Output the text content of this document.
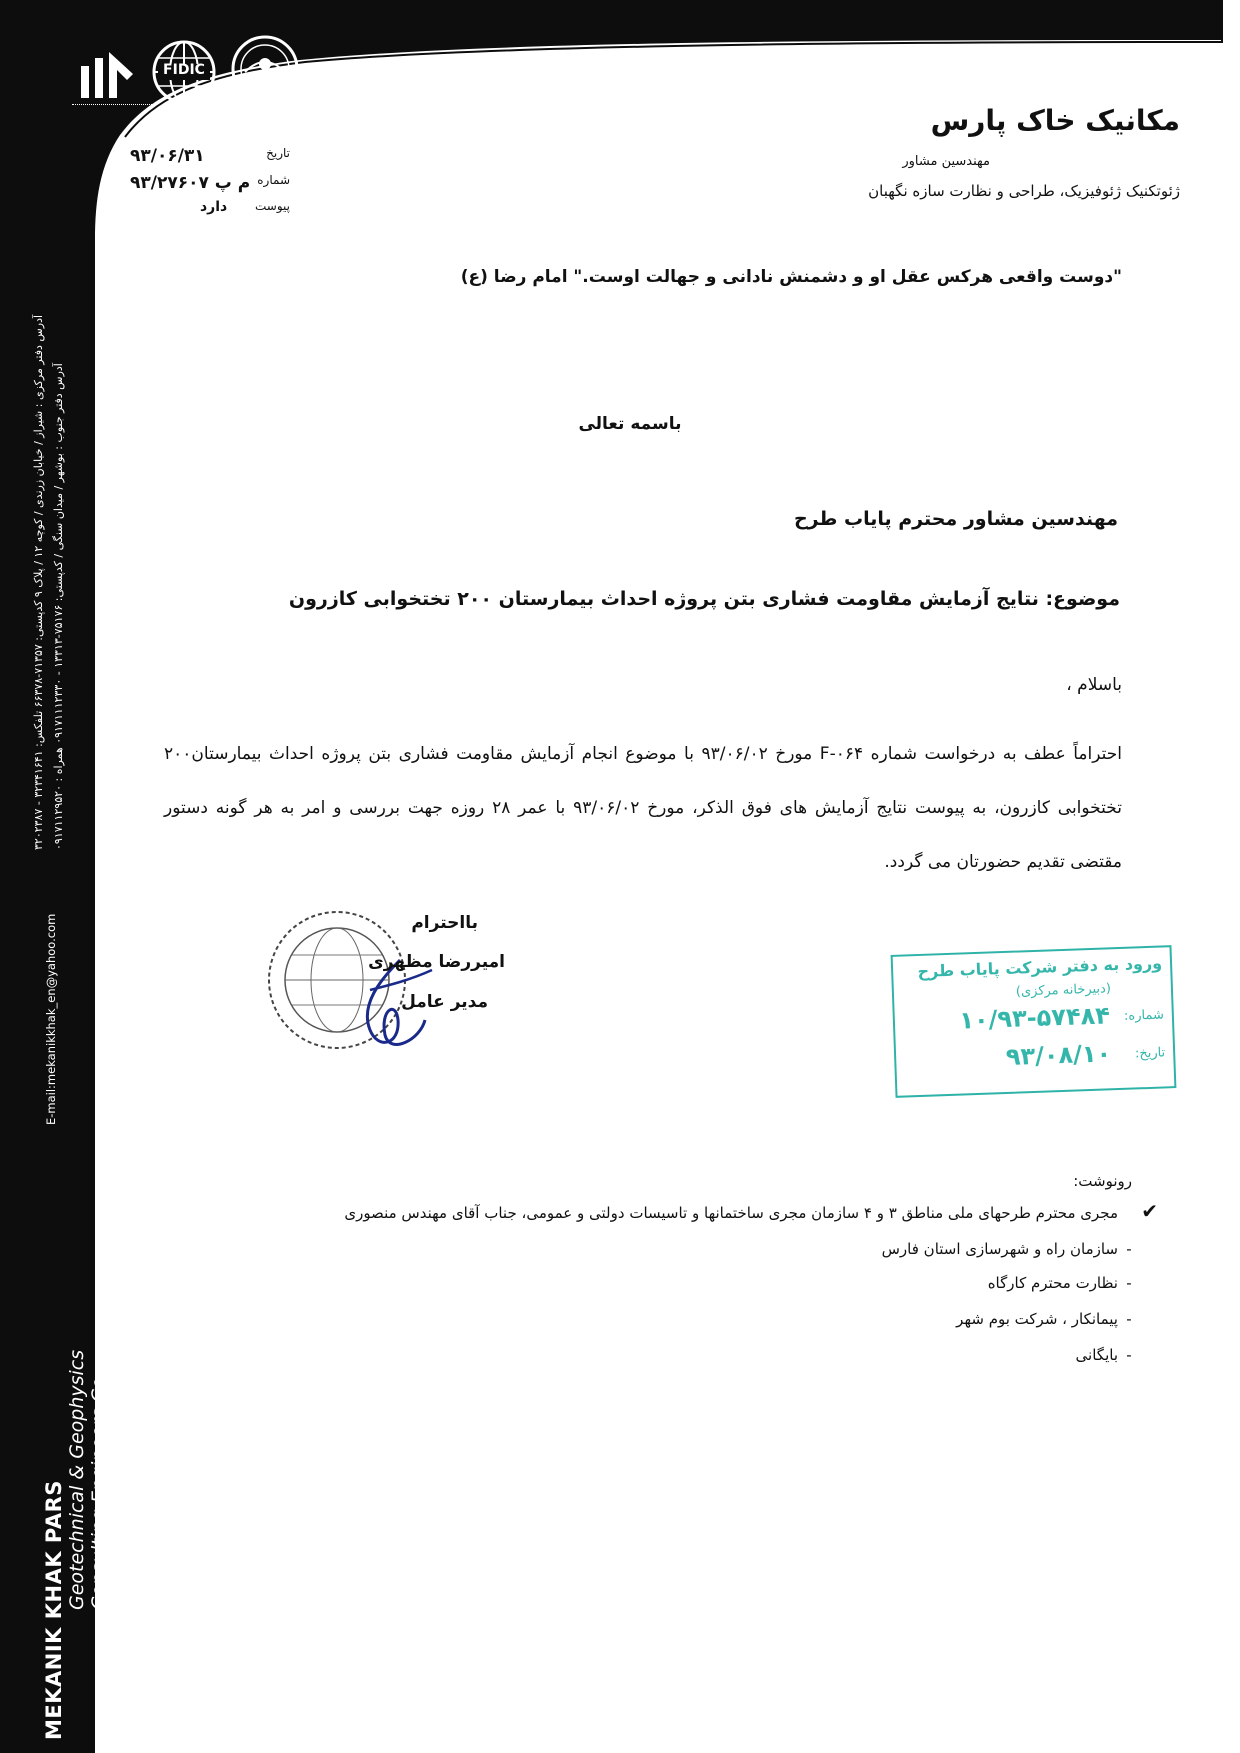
FIDIC
MEKANIK KHAK PARS
Geotechnical & Geophysics Consulting Engineers Co.
E-mail:mekanikkhak_en@yahoo.com
آدرس دفتر مرکزی : شیراز / خیابان زرندی / کوچه ۱۲ / پلاک ۹ کدپستی: ۷۱۳۵۷-۶۶۳۷۸ تلفکس: ۳۲۳۴۱۶۴۱ - ۳۲۰۲۳۸۷
آدرس دفتر جنوب : بوشهر / میدان سنگی / کدپستی: ۷۵۱۷۶-۱۳۳۱۳ - ۰۹۱۷۱۱۱۲۳۳۰ همراه : ۰۹۱۷۱۱۲۹۵۲۰
مکانیک خاک پارس
مهندسین مشاور
ژئوتکنیک ژئوفیزیک، طراحی و نظارت سازه نگهبان
تاریخ
۹۳/۰۶/۳۱
شماره
م پ ۹۳/۲۷۶۰۷
پیوست
دارد
"دوست واقعی هرکس عقل او و دشمنش نادانی و جهالت اوست." امام رضا (ع)
باسمه تعالی
مهندسین مشاور محترم پایاب طرح
موضوع: نتایج آزمایش مقاومت فشاری بتن پروژه احداث بیمارستان ۲۰۰ تختخوابی کازرون
باسلام ،
احتراماً عطف به درخواست شماره F-۰۶۴ مورخ ۹۳/۰۶/۰۲ با موضوع انجام آزمایش مقاومت فشاری بتن پروژه احداث بیمارستان۲۰۰ تختخوابی کازرون، به پیوست نتایج آزمایش های فوق الذکر، مورخ ۹۳/۰۶/۰۲ با عمر ۲۸ روزه جهت بررسی و امر به هر گونه دستور مقتضی تقدیم حضورتان می گردد.
بااحترام
امیررضا مظهری
مدیر عامل
ورود به دفتر شرکت پایاب طرح
(دبیرخانه مرکزی)
شماره:
۱۰/۹۳-۵۷۴۸۴
تاریخ:
۹۳/۰۸/۱۰
رونوشت:
✔
مجری محترم طرحهای ملی مناطق ۳ و ۴ سازمان مجری ساختمانها و تاسیسات دولتی و عمومی، جناب آقای مهندس منصوری
-سازمان راه و شهرسازی استان فارس
-نظارت محترم کارگاه
-پیمانکار ، شرکت بوم شهر
-بایگانی
